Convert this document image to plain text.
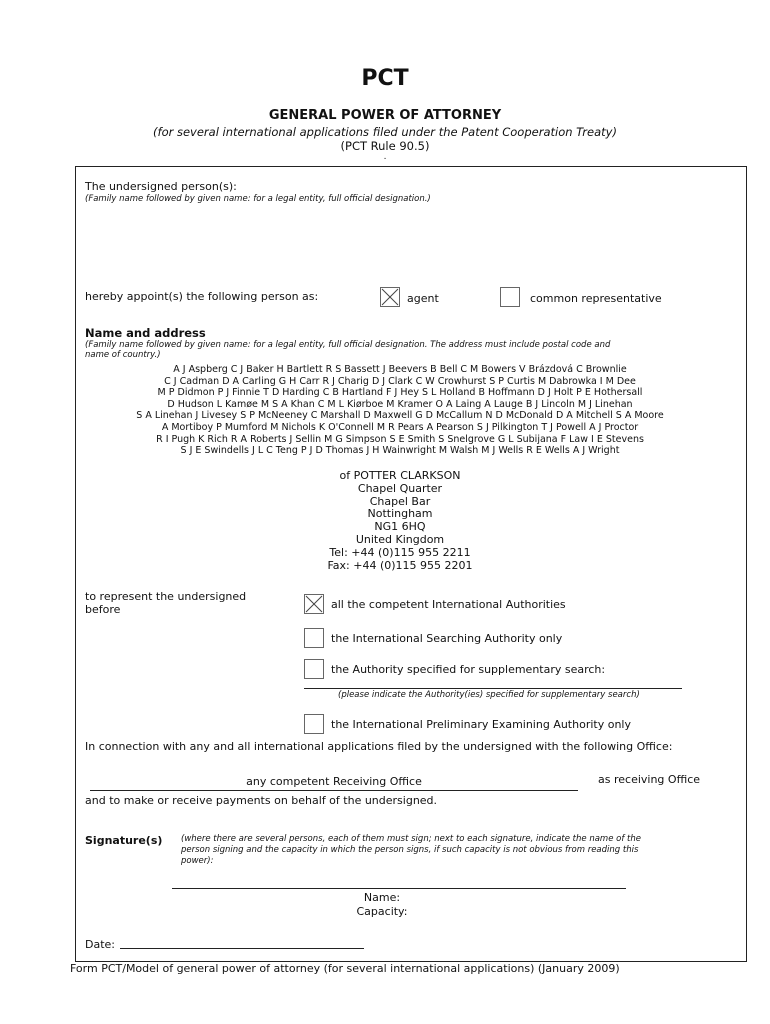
PCT
GENERAL POWER OF ATTORNEY
(for several international applications filed under the Patent Cooperation Treaty)
(PCT Rule 90.5)
.
The undersigned person(s):
(Family name followed by given name: for a legal entity, full official designation.)
hereby appoint(s) the following person as:	agent	common representative
Name and address
(Family name followed by given name: for a legal entity, full official designation. The address must include postal code and
name of country.)
A J Aspberg C J Baker H Bartlett R S Bassett J Beevers B Bell C M Bowers V Brázdová C Brownlie
C J Cadman D A Carling G H Carr R J Charig D J Clark C W Crowhurst S P Curtis M Dabrowka I M Dee
M P Didmon P J Finnie T D Harding C B Hartland F J Hey S L Holland B Hoffmann D J Holt P E Hothersall
D Hudson L Kamøe M S A Khan C M L Kiørboe M Kramer O A Laing A Lauge B J Lincoln M J Linehan
S A Linehan J Livesey S P McNeeney C Marshall D Maxwell G D McCallum N D McDonald D A Mitchell S A Moore
A Mortiboy P Mumford M Nichols K O'Connell M R Pears A Pearson S J Pilkington T J Powell A J Proctor
R I Pugh K Rich R A Roberts J Sellin M G Simpson S E Smith S Snelgrove G L Subijana F Law I E Stevens
S J E Swindells J L C Teng P J D Thomas J H Wainwright M Walsh M J Wells R E Wells A J Wright
of POTTER CLARKSON
Chapel Quarter
Chapel Bar
Nottingham
NG1 6HQ
United Kingdom
Tel: +44 (0)115 955 2211
Fax: +44 (0)115 955 2201
to represent the undersigned
before	all the competent International Authorities
the International Searching Authority only
the Authority specified for supplementary search:
(please indicate the Authority(ies) specified for supplementary search)
the International Preliminary Examining Authority only
In connection with any and all international applications filed by the undersigned with the following Office:
any competent Receiving Office	as receiving Office
and to make or receive payments on behalf of the undersigned.
Signature(s) (where there are several persons, each of them must sign; next to each signature, indicate the name of the
person signing and the capacity in which the person signs, if such capacity is not obvious from reading this
power):
Name:
Capacity:
Date:
Form PCT/Model of general power of attorney (for several international applications) (January 2009)
